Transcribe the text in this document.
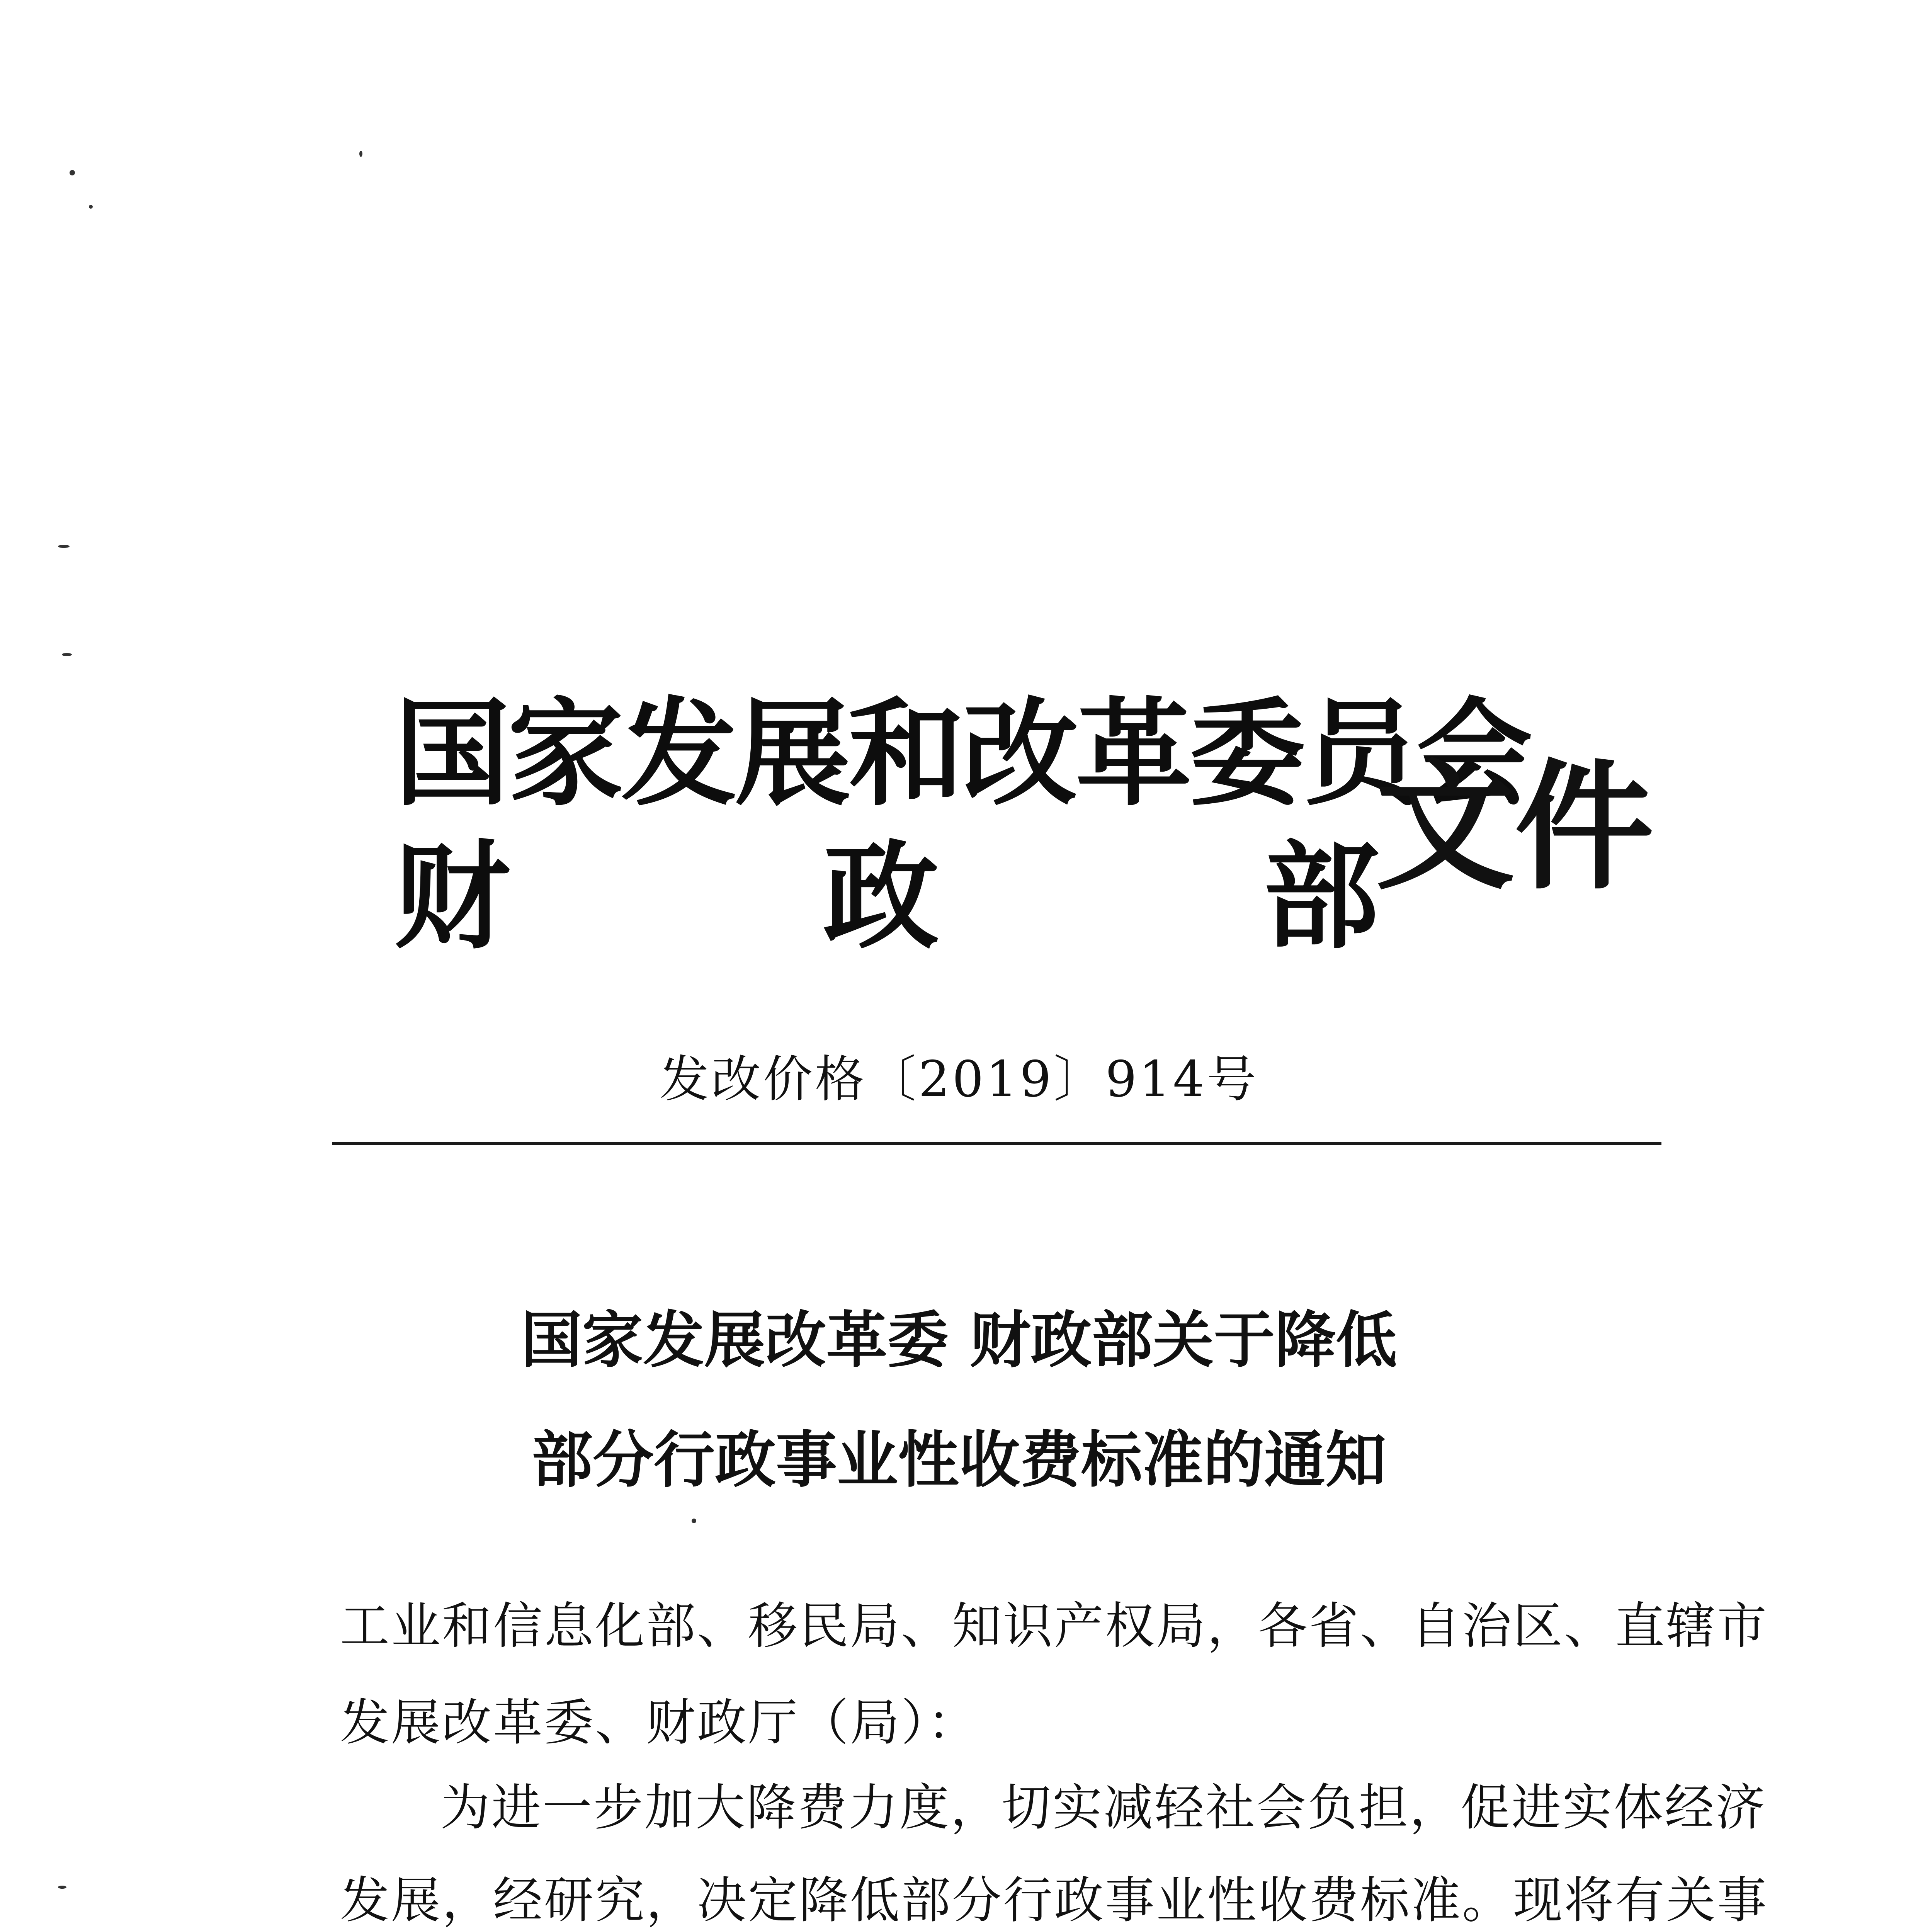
国家发展和改革委员会
财	政	部
文件
发改价格〔2019〕914号
国家发展改革委 财政部关于降低
部分行政事业性收费标准的通知
工业和信息化部、移民局、知识产权局，各省、自治区、直辖市
发展改革委、财政厅（局）：
为进一步加大降费力度，切实减轻社会负担，促进实体经济
发展，经研究，决定降低部分行政事业性收费标准。现将有关事
